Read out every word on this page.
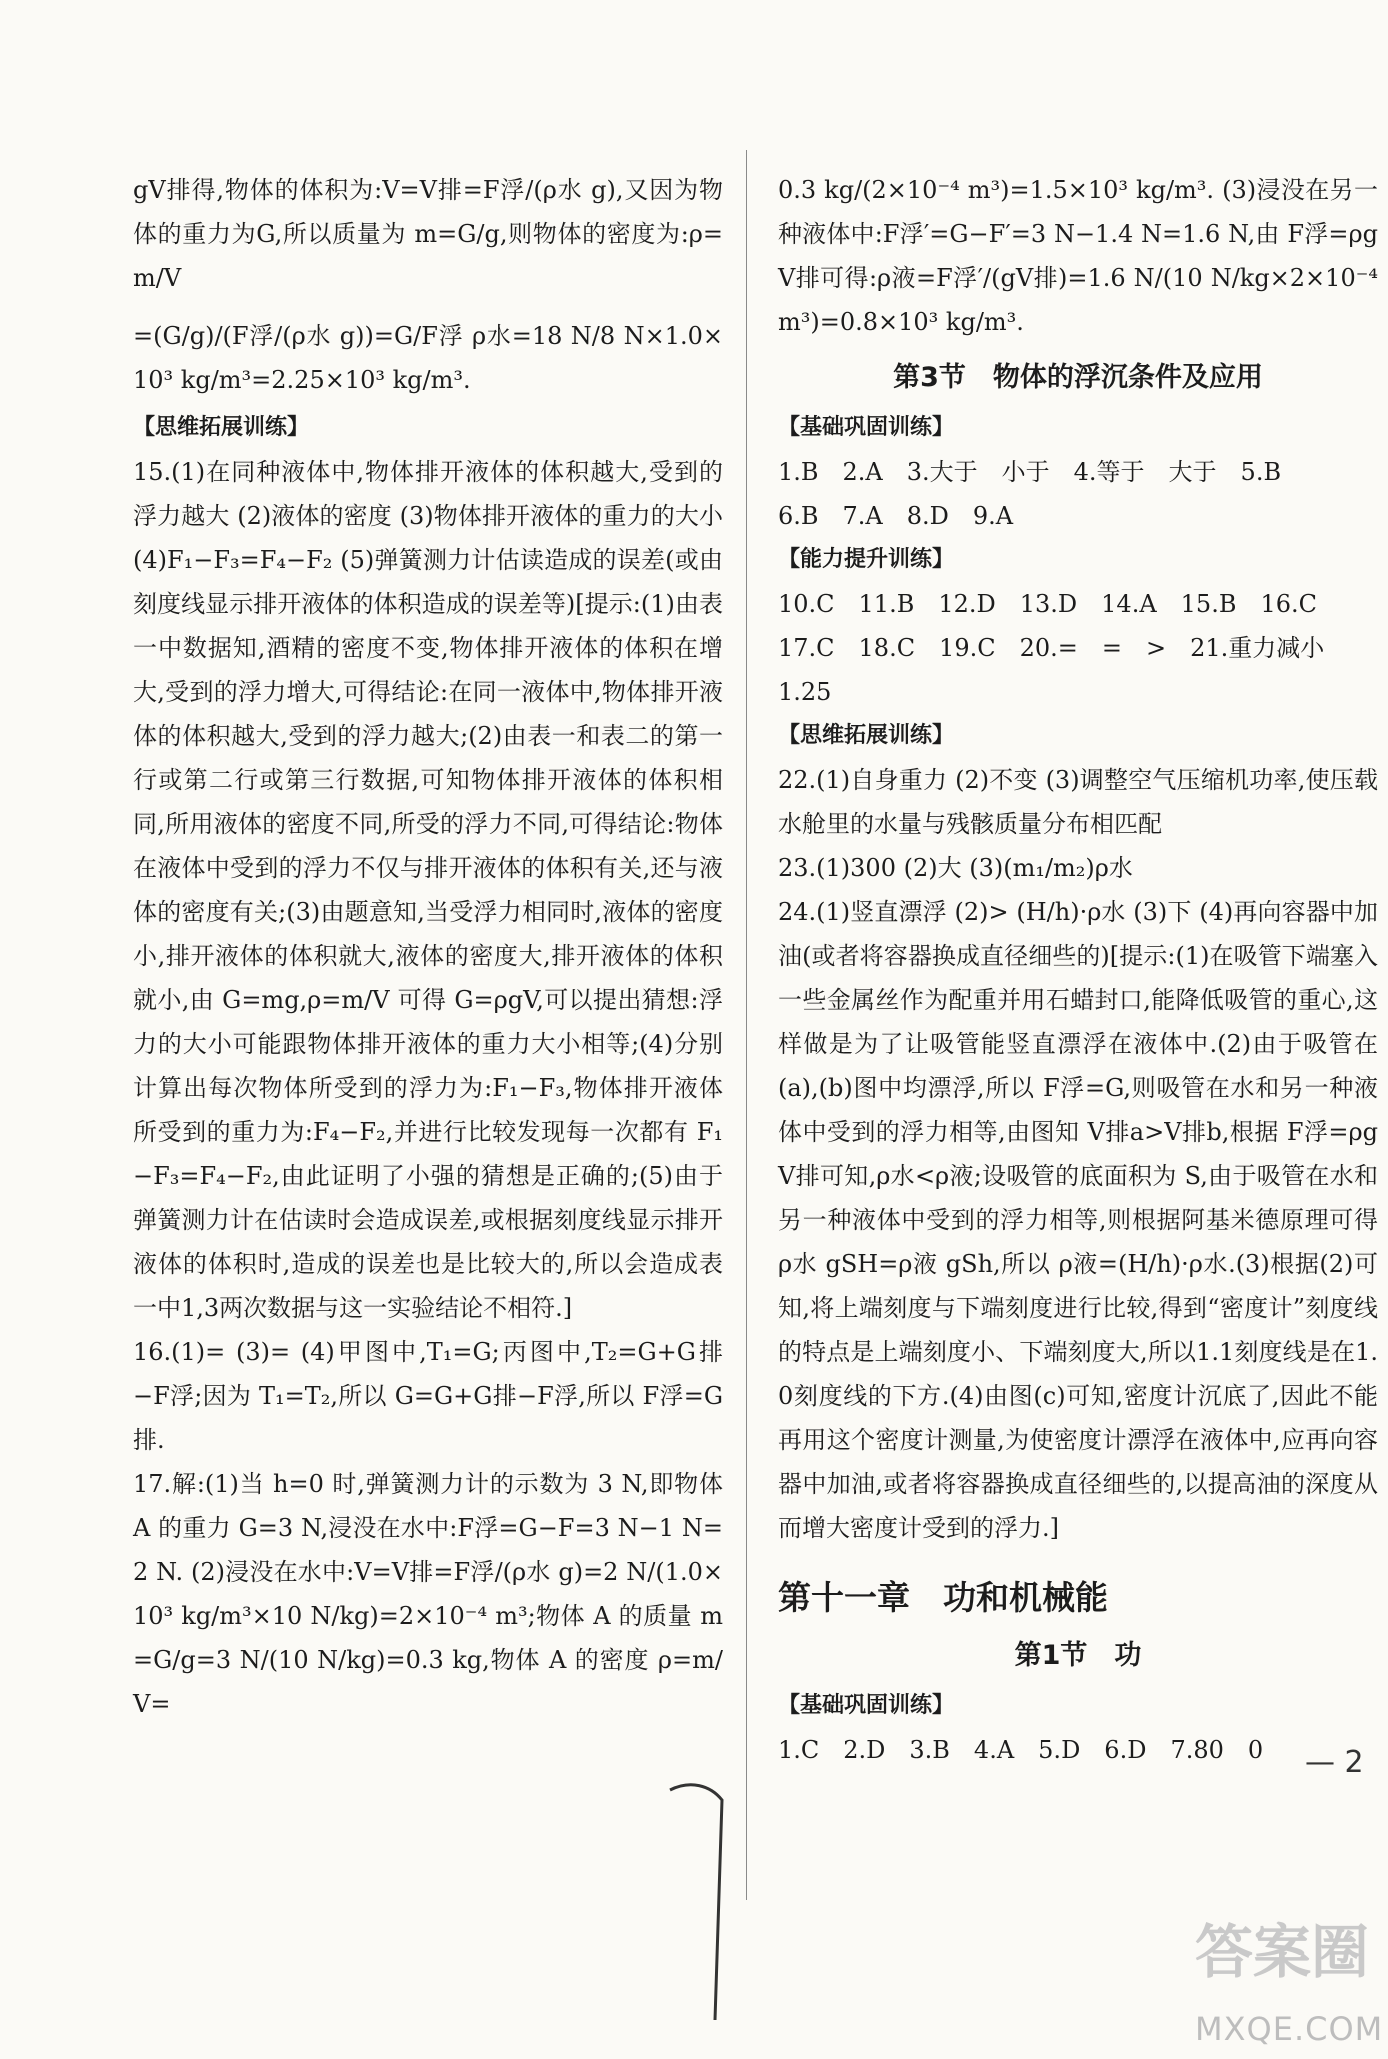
gV排得,物体的体积为:V=V排=F浮/(ρ水 g),又因为物体的重力为G,所以质量为 m=G/g,则物体的密度为:ρ=m/V

=(G/g)/(F浮/(ρ水 g))=G/F浮 ρ水=18 N/8 N×1.0×10³ kg/m³=2.25×10³ kg/m³.

【思维拓展训练】

15.(1)在同种液体中,物体排开液体的体积越大,受到的浮力越大 (2)液体的密度 (3)物体排开液体的重力的大小 (4)F₁−F₃=F₄−F₂ (5)弹簧测力计估读造成的误差(或由刻度线显示排开液体的体积造成的误差等)[提示:(1)由表一中数据知,酒精的密度不变,物体排开液体的体积在增大,受到的浮力增大,可得结论:在同一液体中,物体排开液体的体积越大,受到的浮力越大;(2)由表一和表二的第一行或第二行或第三行数据,可知物体排开液体的体积相同,所用液体的密度不同,所受的浮力不同,可得结论:物体在液体中受到的浮力不仅与排开液体的体积有关,还与液体的密度有关;(3)由题意知,当受浮力相同时,液体的密度小,排开液体的体积就大,液体的密度大,排开液体的体积就小,由 G=mg,ρ=m/V 可得 G=ρgV,可以提出猜想:浮力的大小可能跟物体排开液体的重力大小相等;(4)分别计算出每次物体所受到的浮力为:F₁−F₃,物体排开液体所受到的重力为:F₄−F₂,并进行比较发现每一次都有 F₁−F₃=F₄−F₂,由此证明了小强的猜想是正确的;(5)由于弹簧测力计在估读时会造成误差,或根据刻度线显示排开液体的体积时,造成的误差也是比较大的,所以会造成表一中1,3两次数据与这一实验结论不相符.]

16.(1)= (3)= (4)甲图中,T₁=G;丙图中,T₂=G+G排−F浮;因为 T₁=T₂,所以 G=G+G排−F浮,所以 F浮=G排.

17.解:(1)当 h=0 时,弹簧测力计的示数为 3 N,即物体 A 的重力 G=3 N,浸没在水中:F浮=G−F=3 N−1 N=2 N. (2)浸没在水中:V=V排=F浮/(ρ水 g)=2 N/(1.0×10³ kg/m³×10 N/kg)=2×10⁻⁴ m³;物体 A 的质量 m=G/g=3 N/(10 N/kg)=0.3 kg,物体 A 的密度 ρ=m/V=

0.3 kg/(2×10⁻⁴ m³)=1.5×10³ kg/m³. (3)浸没在另一种液体中:F浮′=G−F′=3 N−1.4 N=1.6 N,由 F浮=ρgV排可得:ρ液=F浮′/(gV排)=1.6 N/(10 N/kg×2×10⁻⁴ m³)=0.8×10³ kg/m³.

第3节　物体的浮沉条件及应用
【基础巩固训练】

1.B　2.A　3.大于　小于　4.等于　大于　5.B

6.B　7.A　8.D　9.A

【能力提升训练】

10.C　11.B　12.D　13.D　14.A　15.B　16.C

17.C　18.C　19.C　20.=　=　>　21.重力减小

1.25

【思维拓展训练】

22.(1)自身重力 (2)不变 (3)调整空气压缩机功率,使压载水舱里的水量与残骸质量分布相匹配

23.(1)300 (2)大 (3)(m₁/m₂)ρ水

24.(1)竖直漂浮 (2)> (H/h)·ρ水 (3)下 (4)再向容器中加油(或者将容器换成直径细些的)[提示:(1)在吸管下端塞入一些金属丝作为配重并用石蜡封口,能降低吸管的重心,这样做是为了让吸管能竖直漂浮在液体中.(2)由于吸管在(a),(b)图中均漂浮,所以 F浮=G,则吸管在水和另一种液体中受到的浮力相等,由图知 V排a>V排b,根据 F浮=ρgV排可知,ρ水<ρ液;设吸管的底面积为 S,由于吸管在水和另一种液体中受到的浮力相等,则根据阿基米德原理可得 ρ水 gSH=ρ液 gSh,所以 ρ液=(H/h)·ρ水.(3)根据(2)可知,将上端刻度与下端刻度进行比较,得到“密度计”刻度线的特点是上端刻度小、下端刻度大,所以1.1刻度线是在1.0刻度线的下方.(4)由图(c)可知,密度计沉底了,因此不能再用这个密度计测量,为使密度计漂浮在液体中,应再向容器中加油,或者将容器换成直径细些的,以提高油的深度从而增大密度计受到的浮力.]

第十一章　功和机械能
第1节　功
【基础巩固训练】

1.C　2.D　3.B　4.A　5.D　6.D　7.80　0	— 2
答案圈
MXQE.COM
